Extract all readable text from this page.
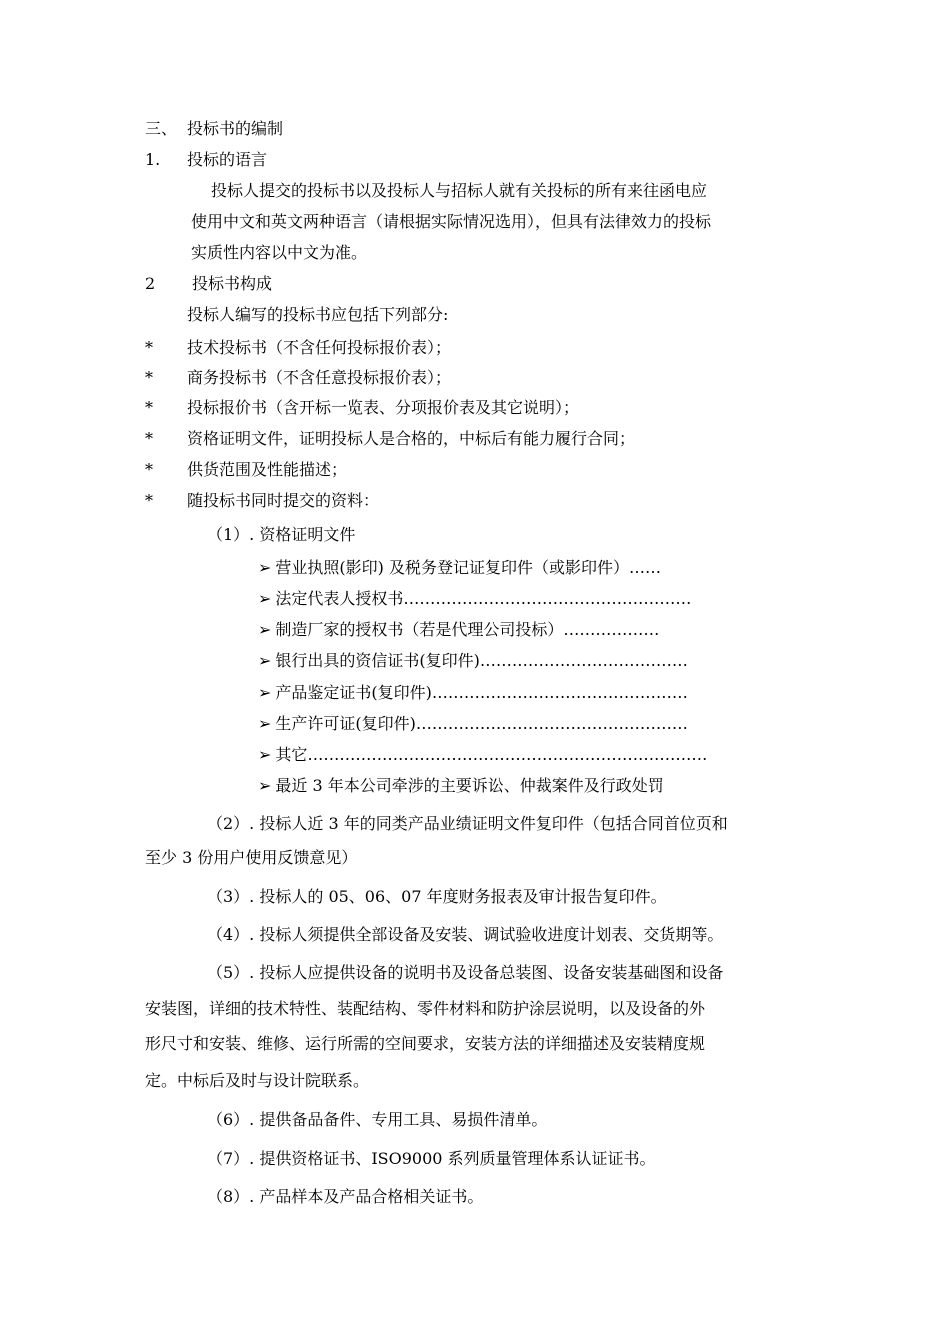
三、 投标书的编制
1. 投标的语言
投标人提交的投标书以及投标人与招标人就有关投标的所有来往函电应
使用中文和英文两种语言（请根据实际情况选用），但具有法律效力的投标
实质性内容以中文为准。
2 投标书构成
投标人编写的投标书应包括下列部分:
* 技术投标书（不含任何投标报价表）；
* 商务投标书（不含任意投标报价表）；
* 投标报价书（含开标一览表、分项报价表及其它说明）；
* 资格证明文件，证明投标人是合格的，中标后有能力履行合同；
* 供货范围及性能描述；
* 随投标书同时提交的资料：
（1）. 资格证明文件
➢ 营业执照(影印) 及税务登记证复印件（或影印件）……
➢ 法定代表人授权书………………………………………………
➢ 制造厂家的授权书（若是代理公司投标）………………
➢ 银行出具的资信证书(复印件)…………………………………
➢ 产品鉴定证书(复印件)…………………………………………
➢ 生产许可证(复印件)……………………………………………
➢ 其它…………………………………………………………………
➢ 最近 3 年本公司牵涉的主要诉讼、仲裁案件及行政处罚
（2）. 投标人近 3 年的同类产品业绩证明文件复印件（包括合同首位页和
至少 3 份用户使用反馈意见）
（3）. 投标人的 05、06、07 年度财务报表及审计报告复印件。
（4）. 投标人须提供全部设备及安装、调试验收进度计划表、交货期等。
（5）. 投标人应提供设备的说明书及设备总装图、设备安装基础图和设备
安装图，详细的技术特性、装配结构、零件材料和防护涂层说明，以及设备的外
形尺寸和安装、维修、运行所需的空间要求，安装方法的详细描述及安装精度规
定。中标后及时与设计院联系。
（6）. 提供备品备件、专用工具、易损件清单。
（7）. 提供资格证书、ISO9000 系列质量管理体系认证证书。
（8）. 产品样本及产品合格相关证书。
